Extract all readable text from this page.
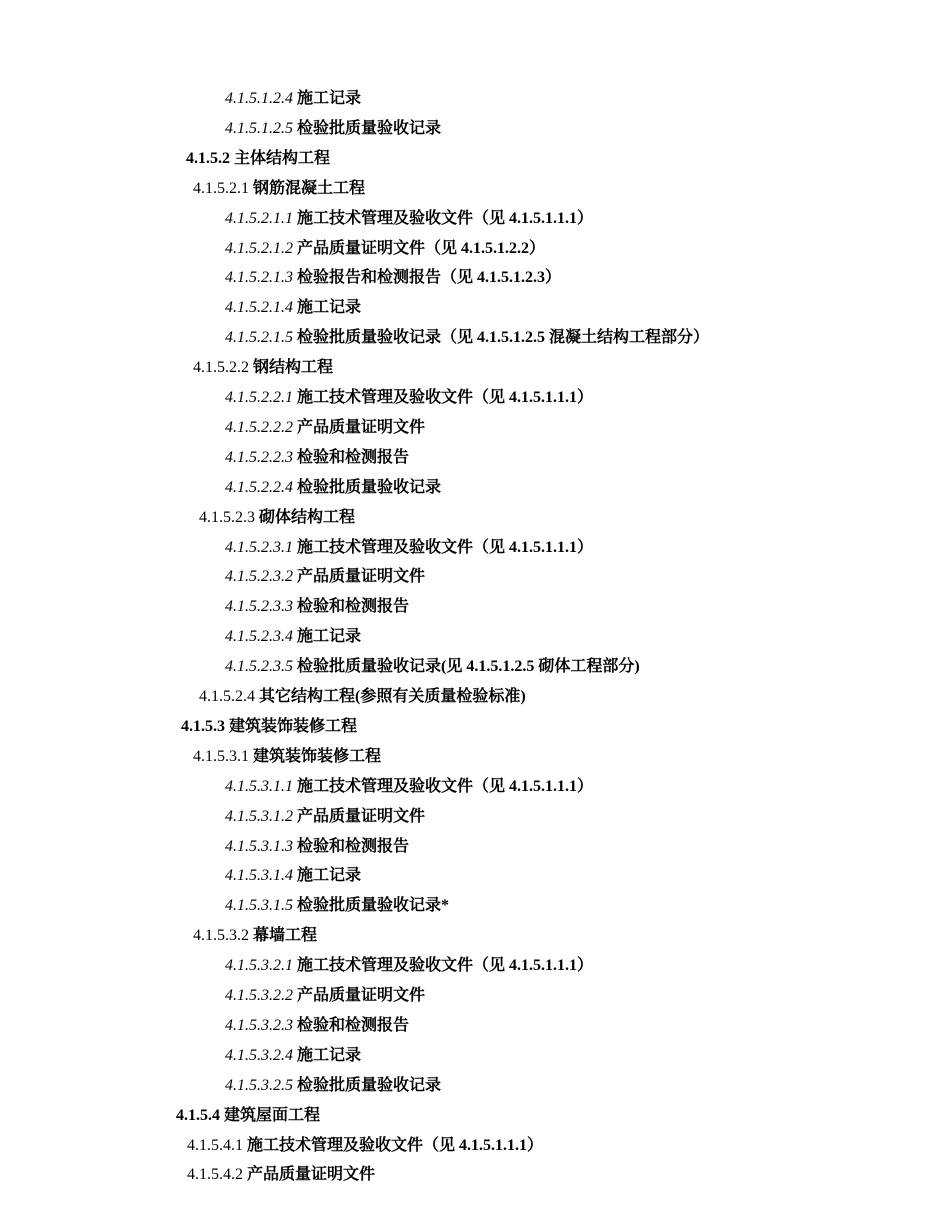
4.1.5.1.2.4 施工记录
4.1.5.1.2.5 检验批质量验收记录
4.1.5.2 主体结构工程
4.1.5.2.1 钢筋混凝土工程
4.1.5.2.1.1 施工技术管理及验收文件（见 4.1.5.1.1.1）
4.1.5.2.1.2 产品质量证明文件（见 4.1.5.1.2.2）
4.1.5.2.1.3 检验报告和检测报告（见 4.1.5.1.2.3）
4.1.5.2.1.4 施工记录
4.1.5.2.1.5 检验批质量验收记录（见 4.1.5.1.2.5 混凝土结构工程部分）
4.1.5.2.2 钢结构工程
4.1.5.2.2.1 施工技术管理及验收文件（见 4.1.5.1.1.1）
4.1.5.2.2.2 产品质量证明文件
4.1.5.2.2.3 检验和检测报告
4.1.5.2.2.4 检验批质量验收记录
4.1.5.2.3 砌体结构工程
4.1.5.2.3.1 施工技术管理及验收文件（见 4.1.5.1.1.1）
4.1.5.2.3.2 产品质量证明文件
4.1.5.2.3.3 检验和检测报告
4.1.5.2.3.4 施工记录
4.1.5.2.3.5 检验批质量验收记录(见 4.1.5.1.2.5 砌体工程部分)
4.1.5.2.4 其它结构工程(参照有关质量检验标准)
4.1.5.3 建筑装饰装修工程
4.1.5.3.1 建筑装饰装修工程
4.1.5.3.1.1 施工技术管理及验收文件（见 4.1.5.1.1.1）
4.1.5.3.1.2 产品质量证明文件
4.1.5.3.1.3 检验和检测报告
4.1.5.3.1.4 施工记录
4.1.5.3.1.5 检验批质量验收记录*
4.1.5.3.2 幕墙工程
4.1.5.3.2.1 施工技术管理及验收文件（见 4.1.5.1.1.1）
4.1.5.3.2.2 产品质量证明文件
4.1.5.3.2.3 检验和检测报告
4.1.5.3.2.4 施工记录
4.1.5.3.2.5 检验批质量验收记录
4.1.5.4 建筑屋面工程
4.1.5.4.1 施工技术管理及验收文件（见 4.1.5.1.1.1）
4.1.5.4.2 产品质量证明文件
